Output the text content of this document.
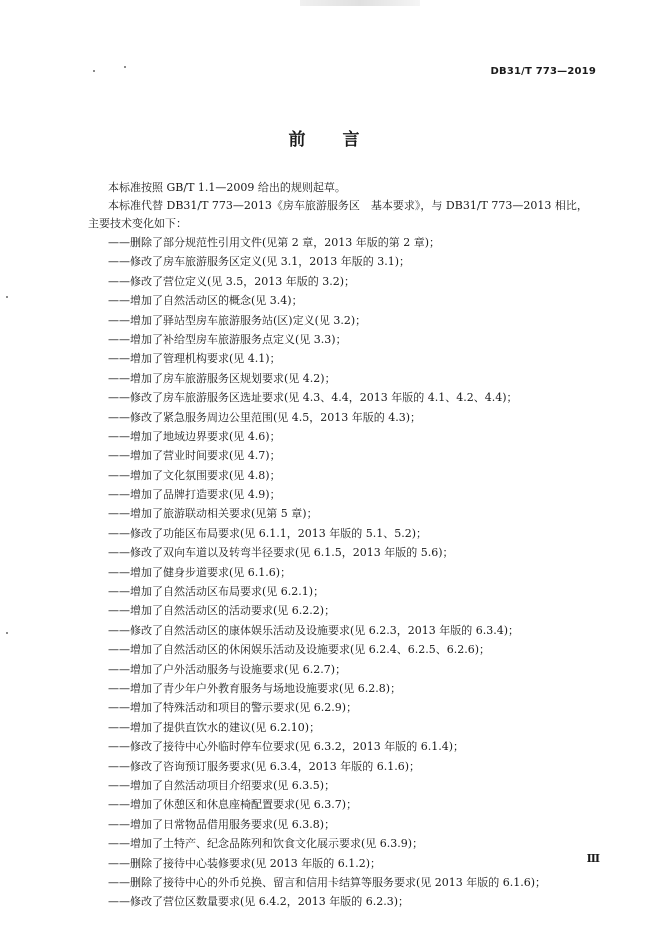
DB31/T 773—2019
前　言
本标准按照 GB/T 1.1—2009 给出的规则起草。
本标准代替 DB31/T 773—2013《房车旅游服务区　基本要求》，与 DB31/T 773—2013 相比，主要技术变化如下：
——删除了部分规范性引用文件(见第 2 章，2013 年版的第 2 章)；
——修改了房车旅游服务区定义(见 3.1，2013 年版的 3.1)；
——修改了营位定义(见 3.5，2013 年版的 3.2)；
——增加了自然活动区的概念(见 3.4)；
——增加了驿站型房车旅游服务站(区)定义(见 3.2)；
——增加了补给型房车旅游服务点定义(见 3.3)；
——增加了管理机构要求(见 4.1)；
——增加了房车旅游服务区规划要求(见 4.2)；
——修改了房车旅游服务区选址要求(见 4.3、4.4，2013 年版的 4.1、4.2、4.4)；
——修改了紧急服务周边公里范围(见 4.5，2013 年版的 4.3)；
——增加了地域边界要求(见 4.6)；
——增加了营业时间要求(见 4.7)；
——增加了文化氛围要求(见 4.8)；
——增加了品牌打造要求(见 4.9)；
——增加了旅游联动相关要求(见第 5 章)；
——修改了功能区布局要求(见 6.1.1，2013 年版的 5.1、5.2)；
——修改了双向车道以及转弯半径要求(见 6.1.5，2013 年版的 5.6)；
——增加了健身步道要求(见 6.1.6)；
——增加了自然活动区布局要求(见 6.2.1)；
——增加了自然活动区的活动要求(见 6.2.2)；
——修改了自然活动区的康体娱乐活动及设施要求(见 6.2.3，2013 年版的 6.3.4)；
——增加了自然活动区的休闲娱乐活动及设施要求(见 6.2.4、6.2.5、6.2.6)；
——增加了户外活动服务与设施要求(见 6.2.7)；
——增加了青少年户外教育服务与场地设施要求(见 6.2.8)；
——增加了特殊活动和项目的警示要求(见 6.2.9)；
——增加了提供直饮水的建议(见 6.2.10)；
——修改了接待中心外临时停车位要求(见 6.3.2，2013 年版的 6.1.4)；
——修改了咨询预订服务要求(见 6.3.4，2013 年版的 6.1.6)；
——增加了自然活动项目介绍要求(见 6.3.5)；
——增加了休憩区和休息座椅配置要求(见 6.3.7)；
——增加了日常物品借用服务要求(见 6.3.8)；
——增加了土特产、纪念品陈列和饮食文化展示要求(见 6.3.9)；
——删除了接待中心装修要求(见 2013 年版的 6.1.2)；
——删除了接待中心的外币兑换、留言和信用卡结算等服务要求(见 2013 年版的 6.1.6)；
——修改了营位区数量要求(见 6.4.2，2013 年版的 6.2.3)；
Ⅲ
